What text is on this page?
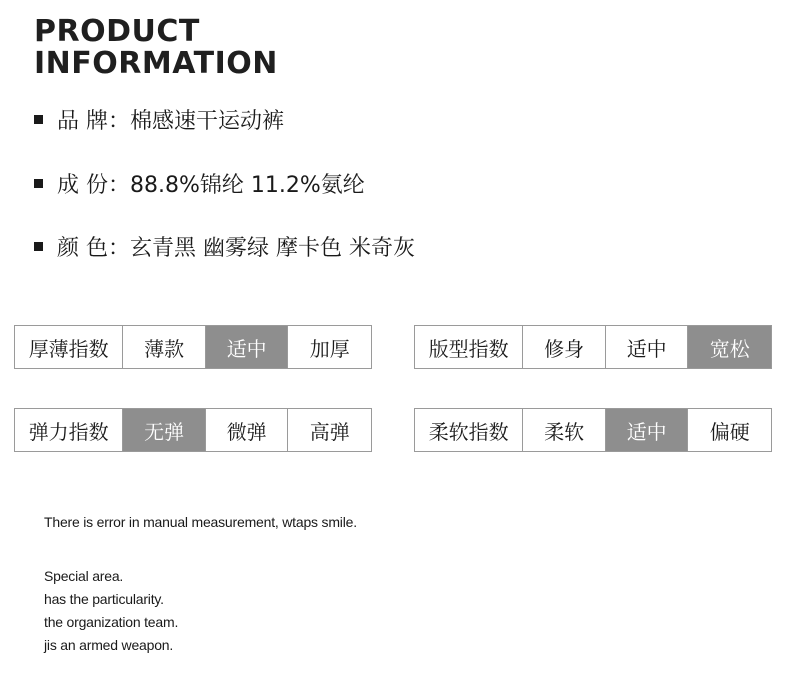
PRODUCT
INFORMATION
品 牌：棉感速干运动裤
成 份：88.8%锦纶 11.2%氨纶
颜 色：玄青黑 幽雾绿 摩卡色 米奇灰
厚薄指数	薄款	适中	加厚	版型指数	修身	适中	宽松
弹力指数	无弹	微弹	高弹	柔软指数	柔软	适中	偏硬
There is error in manual measurement, wtaps smile.
Special area.
has the particularity.
the organization team.
jis an armed weapon.
